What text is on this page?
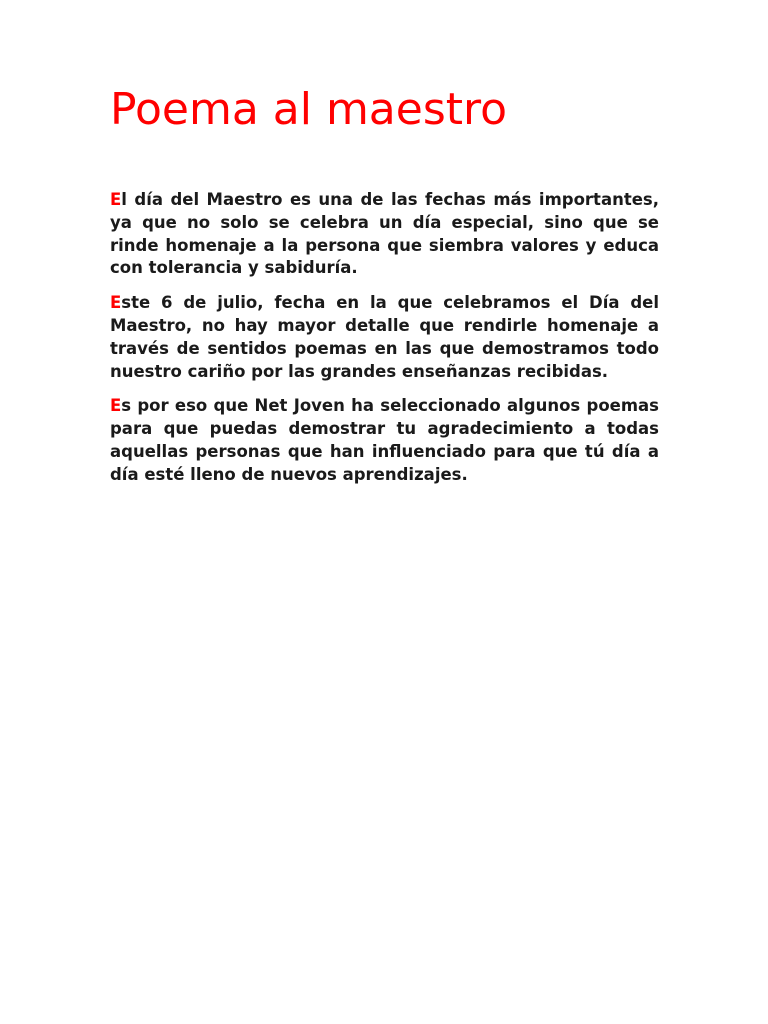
Poema al maestro

El día del Maestro es una de las fechas más importantes, ya que no solo se celebra un día especial, sino que se rinde homenaje a la persona que siembra valores y educa con tolerancia y sabiduría.

Este 6 de julio, fecha en la que celebramos el Día del Maestro, no hay mayor detalle que rendirle homenaje a través de sentidos poemas en las que demostramos todo nuestro cariño por las grandes enseñanzas recibidas.

Es por eso que Net Joven ha seleccionado algunos poemas para que puedas demostrar tu agradecimiento a todas aquellas personas que han influenciado para que tú día a día esté lleno de nuevos aprendizajes.
